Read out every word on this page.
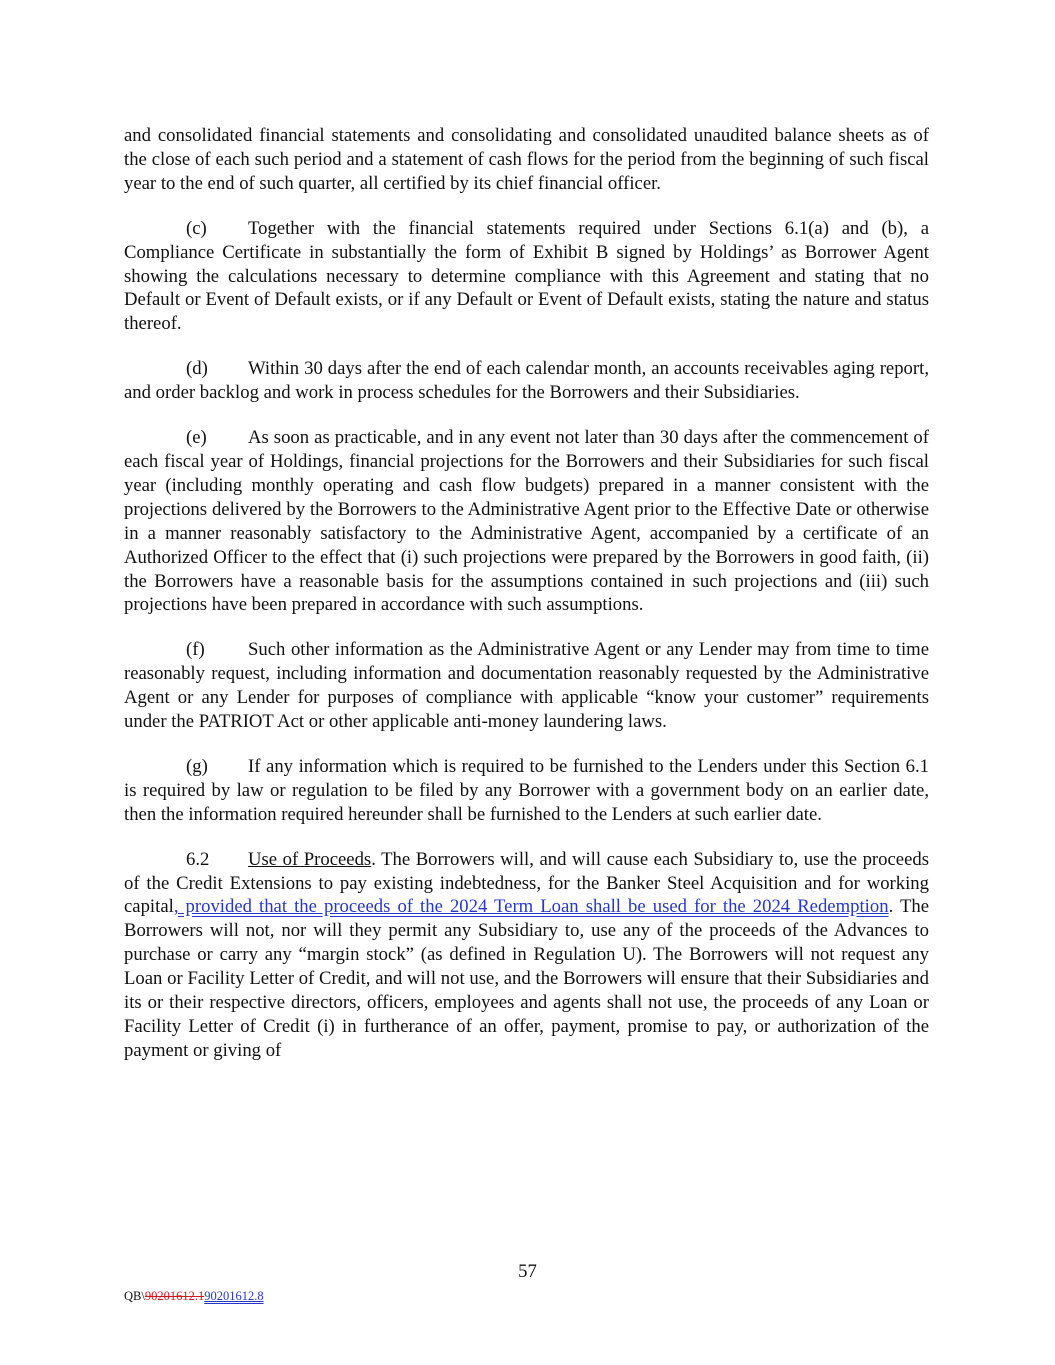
and consolidated financial statements and consolidating and consolidated unaudited balance sheets as of the close of each such period and a statement of cash flows for the period from the beginning of such fiscal year to the end of such quarter, all certified by its chief financial officer.

(c) Together with the financial statements required under Sections 6.1(a) and (b), a Compliance Certificate in substantially the form of Exhibit B signed by Holdings’ as Borrower Agent showing the calculations necessary to determine compliance with this Agreement and stating that no Default or Event of Default exists, or if any Default or Event of Default exists, stating the nature and status thereof.

(d) Within 30 days after the end of each calendar month, an accounts receivables aging report, and order backlog and work in process schedules for the Borrowers and their Subsidiaries.

(e) As soon as practicable, and in any event not later than 30 days after the commencement of each fiscal year of Holdings, financial projections for the Borrowers and their Subsidiaries for such fiscal year (including monthly operating and cash flow budgets) prepared in a manner consistent with the projections delivered by the Borrowers to the Administrative Agent prior to the Effective Date or otherwise in a manner reasonably satisfactory to the Administrative Agent, accompanied by a certificate of an Authorized Officer to the effect that (i) such projections were prepared by the Borrowers in good faith, (ii) the Borrowers have a reasonable basis for the assumptions contained in such projections and (iii) such projections have been prepared in accordance with such assumptions.

(f) Such other information as the Administrative Agent or any Lender may from time to time reasonably request, including information and documentation reasonably requested by the Administrative Agent or any Lender for purposes of compliance with applicable “know your customer” requirements under the PATRIOT Act or other applicable anti-money laundering laws.

(g) If any information which is required to be furnished to the Lenders under this Section 6.1 is required by law or regulation to be filed by any Borrower with a government body on an earlier date, then the information required hereunder shall be furnished to the Lenders at such earlier date.

6.2 Use of Proceeds. The Borrowers will, and will cause each Subsidiary to, use the proceeds of the Credit Extensions to pay existing indebtedness, for the Banker Steel Acquisition and for working capital, provided that the proceeds of the 2024 Term Loan shall be used for the 2024 Redemption. The Borrowers will not, nor will they permit any Subsidiary to, use any of the proceeds of the Advances to purchase or carry any “margin stock” (as defined in Regulation U). The Borrowers will not request any Loan or Facility Letter of Credit, and will not use, and the Borrowers will ensure that their Subsidiaries and its or their respective directors, officers, employees and agents shall not use, the proceeds of any Loan or Facility Letter of Credit (i) in furtherance of an offer, payment, promise to pay, or authorization of the payment or giving of

57
QB\90201612.190201612.8
